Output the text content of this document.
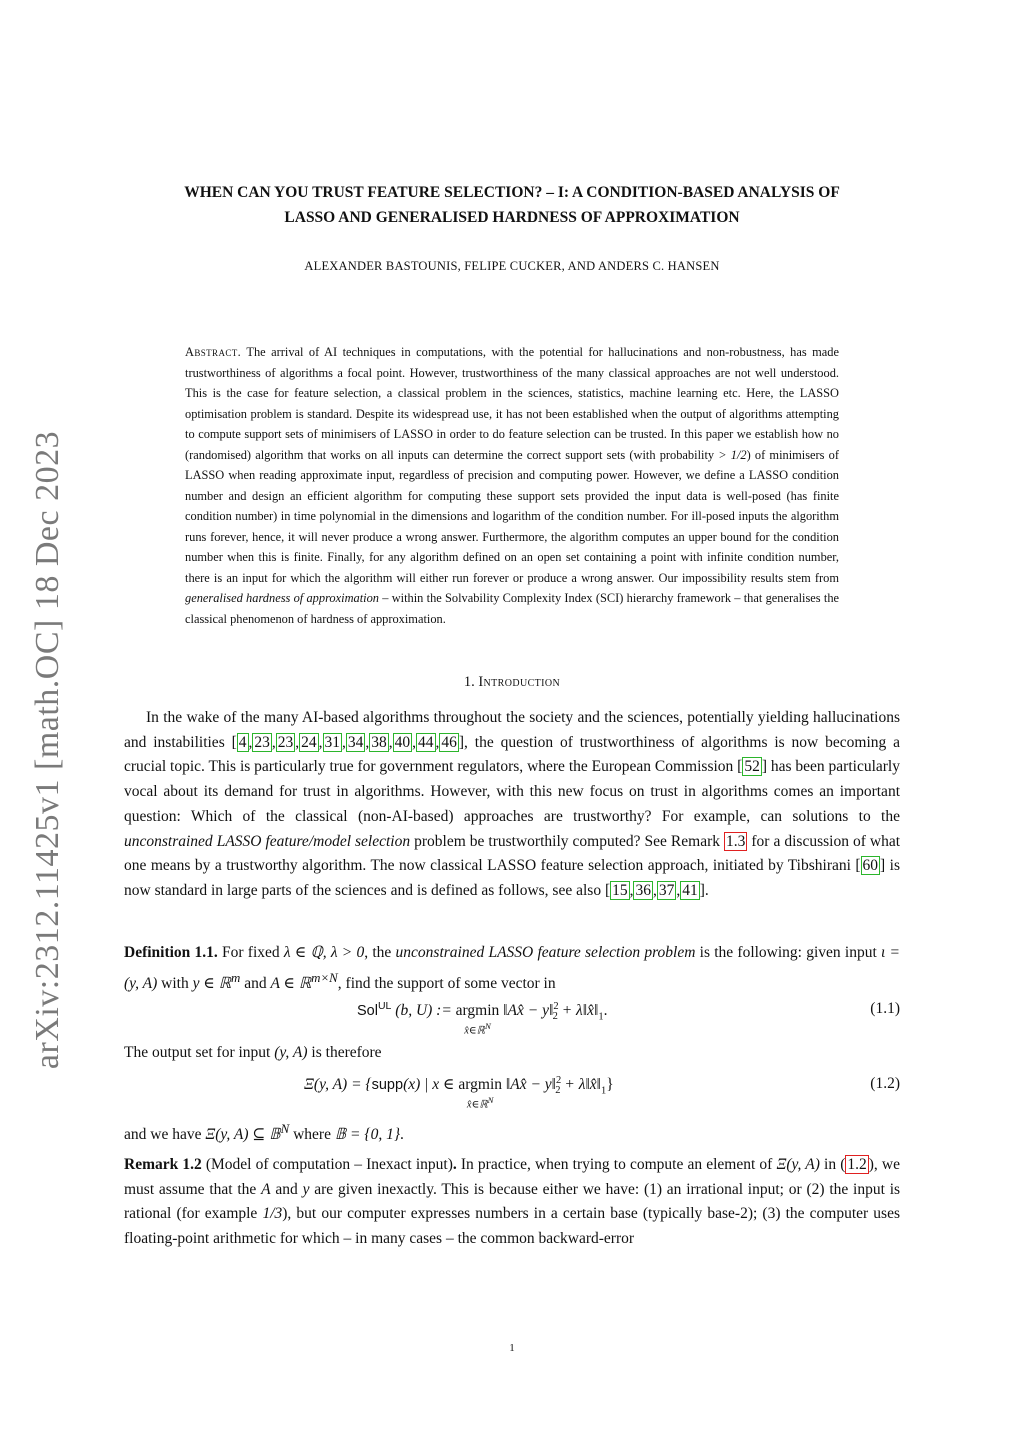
arXiv:2312.11425v1 [math.OC] 18 Dec 2023
WHEN CAN YOU TRUST FEATURE SELECTION? – I: A CONDITION-BASED ANALYSIS OF
LASSO AND GENERALISED HARDNESS OF APPROXIMATION
ALEXANDER BASTOUNIS, FELIPE CUCKER, AND ANDERS C. HANSEN
Abstract. The arrival of AI techniques in computations, with the potential for hallucinations and non-robustness, has made trustworthiness of algorithms a focal point. However, trustworthiness of the many classical approaches are not well understood. This is the case for feature selection, a classical problem in the sciences, statistics, machine learning etc. Here, the LASSO optimisation problem is standard. Despite its widespread use, it has not been established when the output of algorithms attempting to compute support sets of minimisers of LASSO in order to do feature selection can be trusted. In this paper we establish how no (randomised) algorithm that works on all inputs can determine the correct support sets (with probability > 1/2) of minimisers of LASSO when reading approximate input, regardless of precision and computing power. However, we define a LASSO condition number and design an efficient algorithm for computing these support sets provided the input data is well-posed (has finite condition number) in time polynomial in the dimensions and logarithm of the condition number. For ill-posed inputs the algorithm runs forever, hence, it will never produce a wrong answer. Furthermore, the algorithm computes an upper bound for the condition number when this is finite. Finally, for any algorithm defined on an open set containing a point with infinite condition number, there is an input for which the algorithm will either run forever or produce a wrong answer. Our impossibility results stem from generalised hardness of approximation – within the Solvability Complexity Index (SCI) hierarchy framework – that generalises the classical phenomenon of hardness of approximation.
1. Introduction
In the wake of the many AI-based algorithms throughout the society and the sciences, potentially yielding hallucinations and instabilities [ 4 , 23 , 23 , 24 , 31 , 34 , 38 , 40 , 44 , 46 ], the question of trustworthiness of algorithms is now becoming a crucial topic. This is particularly true for government regulators, where the European Commission [ 52 ] has been particularly vocal about its demand for trust in algorithms. However, with this new focus on trust in algorithms comes an important question: Which of the classical (non-AI-based) approaches are trustworthy? For example, can solutions to the unconstrained LASSO feature/model selection problem be trustworthily computed? See Remark 1.3 for a discussion of what one means by a trustworthy algorithm. The now classical LASSO feature selection approach, initiated by Tibshirani [ 60 ] is now standard in large parts of the sciences and is defined as follows, see also [ 15 , 36 , 37 , 41 ].
Definition 1.1. For fixed λ ∈ ℚ, λ > 0, the unconstrained LASSO feature selection problem is the following: given input ι = (y, A) with y ∈ ℝ$^m$ and A ∈ ℝ$^{m\times N}$, find the support of some vector in
Sol$^{UL}$ (b, U) := argmin
x̂∈ℝ$^N$
‖Ax̂ − y‖$^2_2$ + $\lambda‖x̂‖_1$.	(1.1)
The output set for input (y, A) is therefore
Ξ(y, A) = {supp(x) | x ∈ argmin
x̂∈ℝ$^N$
‖Ax̂ − y‖$^2_2$ + $\lambda‖x̂‖_1$}	(1.2)
and we have Ξ(y, A) ⊆ 𝔹$^N$ where 𝔹 = {0, 1}.
Remark 1.2 (Model of computation – Inexact input). In practice, when trying to compute an element of Ξ(y, A) in ( 1.2 ), we must assume that the A and y are given inexactly. This is because either we have: (1) an irrational input; or (2) the input is rational (for example 1/3), but our computer expresses numbers in a certain base (typically base-2); (3) the computer uses floating-point arithmetic for which – in many cases – the common backward-error
1
